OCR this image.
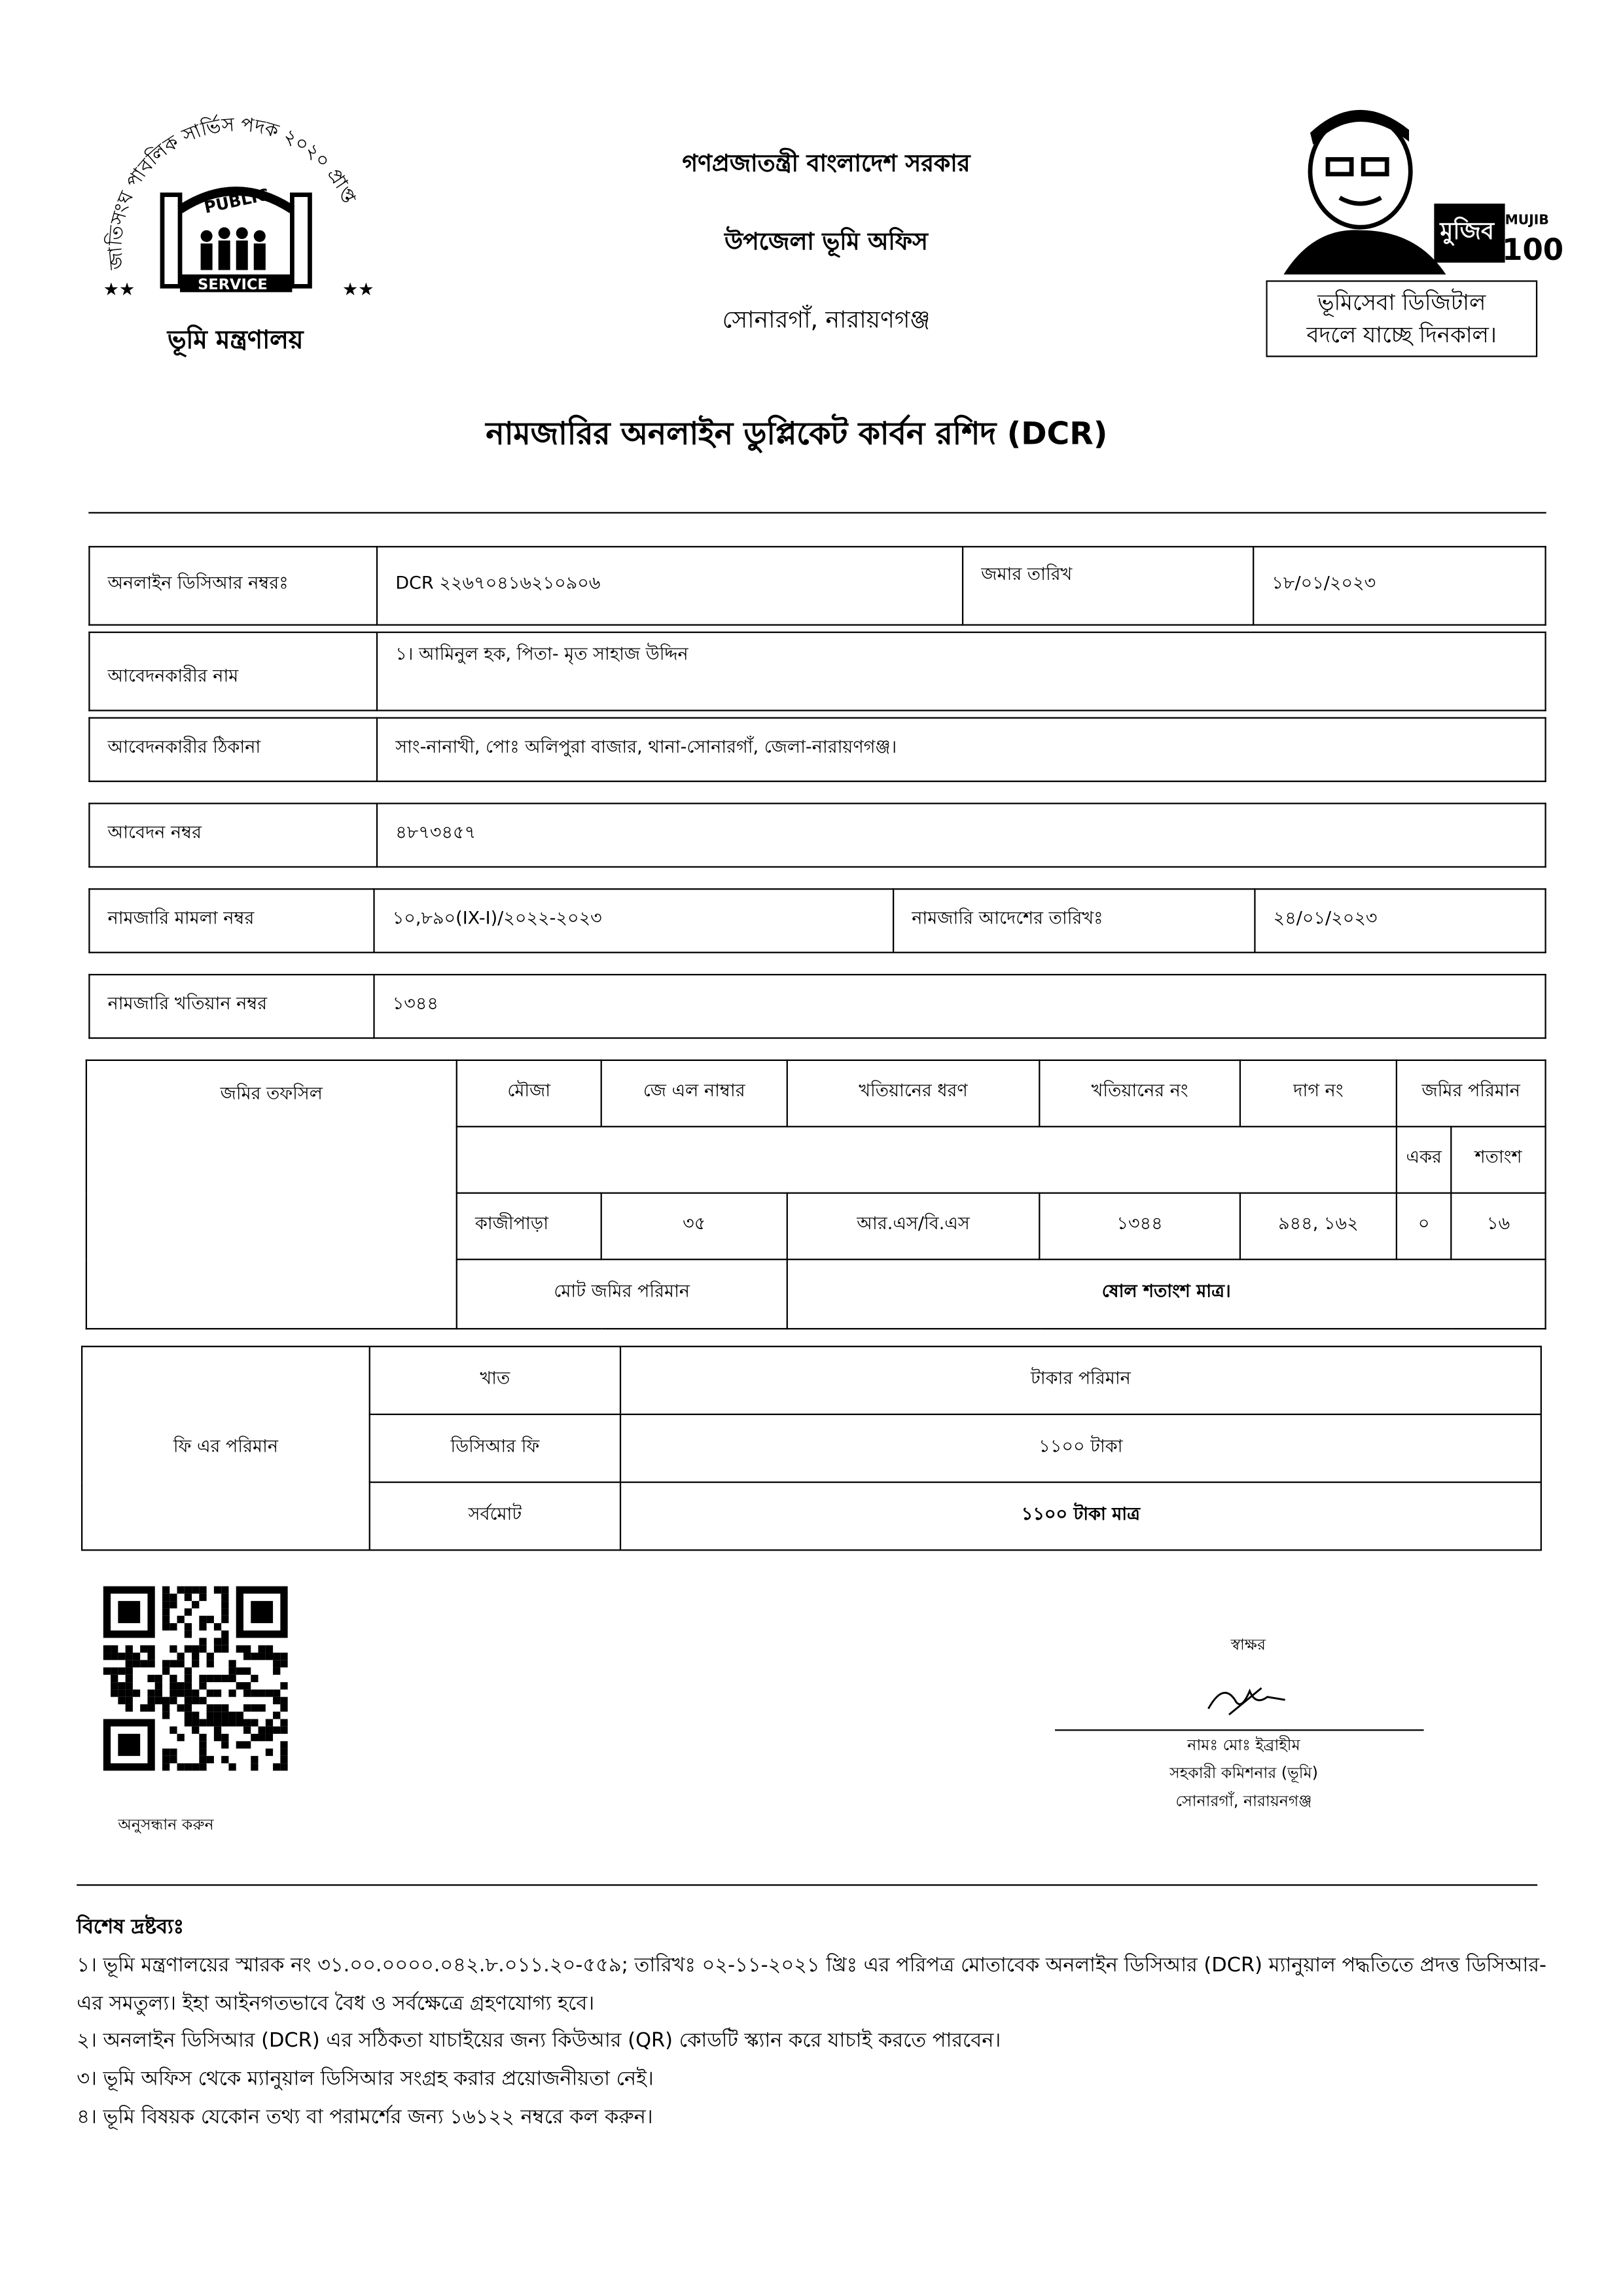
জাতিসংঘ পাবলিক সার্ভিস পদক ২০২০ প্রাপ্ত
★★	★★
PUBLIC
SERVICE
ভূমি মন্ত্রণালয়
গণপ্রজাতন্ত্রী বাংলাদেশ সরকার
উপজেলা ভূমি অফিস
সোনারগাঁ, নারায়ণগঞ্জ
মুজিব MUJIB
100
ভূমিসেবা ডিজিটাল
বদলে যাচ্ছে দিনকাল।
নামজারির অনলাইন ডুপ্লিকেট কার্বন রশিদ (DCR)
অনলাইন ডিসিআর নম্বরঃ	DCR ২২৬৭০৪১৬২১০৯০৬	জমার তারিখ	১৮/০১/২০২৩
আবেদনকারীর নাম	১। আমিনুল হক, পিতা- মৃত সাহাজ উদ্দিন
আবেদনকারীর ঠিকানা	সাং-নানাখী, পোঃ অলিপুরা বাজার, থানা-সোনারগাঁ, জেলা-নারায়ণগঞ্জ।
আবেদন নম্বর	৪৮৭৩৪৫৭
নামজারি মামলা নম্বর	১০,৮৯০(IX-I)/২০২২-২০২৩	নামজারি আদেশের তারিখঃ	২৪/০১/২০২৩
নামজারি খতিয়ান নম্বর	১৩৪৪
জমির তফসিল	মৌজা	জে এল নাম্বার	খতিয়ানের ধরণ	খতিয়ানের নং	দাগ নং	জমির পরিমান	
						একর	শতাংশ
	কাজীপাড়া	৩৫	আর.এস/বি.এস	১৩৪৪	৯৪৪, ১৬২	০	১৬
	মোট জমির পরিমান		ষোল শতাংশ মাত্র।				
ফি এর পরিমান	খাত	টাকার পরিমান
	ডিসিআর ফি	১১০০ টাকা
	সর্বমোট	১১০০ টাকা মাত্র
অনুসন্ধান করুন
স্বাক্ষর
নামঃ মোঃ ইব্রাহীম
সহকারী কমিশনার (ভূমি)
সোনারগাঁ, নারায়নগঞ্জ
বিশেষ দ্রষ্টব্যঃ
১। ভূমি মন্ত্রণালয়ের স্মারক নং ৩১.০০.০০০০.০৪২.৮.০১১.২০-৫৫৯; তারিখঃ ০২-১১-২০২১ খ্রিঃ এর পরিপত্র মোতাবেক অনলাইন ডিসিআর (DCR) ম্যানুয়াল পদ্ধতিতে প্রদত্ত ডিসিআর-এর সমতুল্য। ইহা আইনগতভাবে বৈধ ও সর্বক্ষেত্রে গ্রহণযোগ্য হবে।
২। অনলাইন ডিসিআর (DCR) এর সঠিকতা যাচাইয়ের জন্য কিউআর (QR) কোডটি স্ক্যান করে যাচাই করতে পারবেন।
৩। ভূমি অফিস থেকে ম্যানুয়াল ডিসিআর সংগ্রহ করার প্রয়োজনীয়তা নেই।
৪। ভূমি বিষয়ক যেকোন তথ্য বা পরামর্শের জন্য ১৬১২২ নম্বরে কল করুন।
